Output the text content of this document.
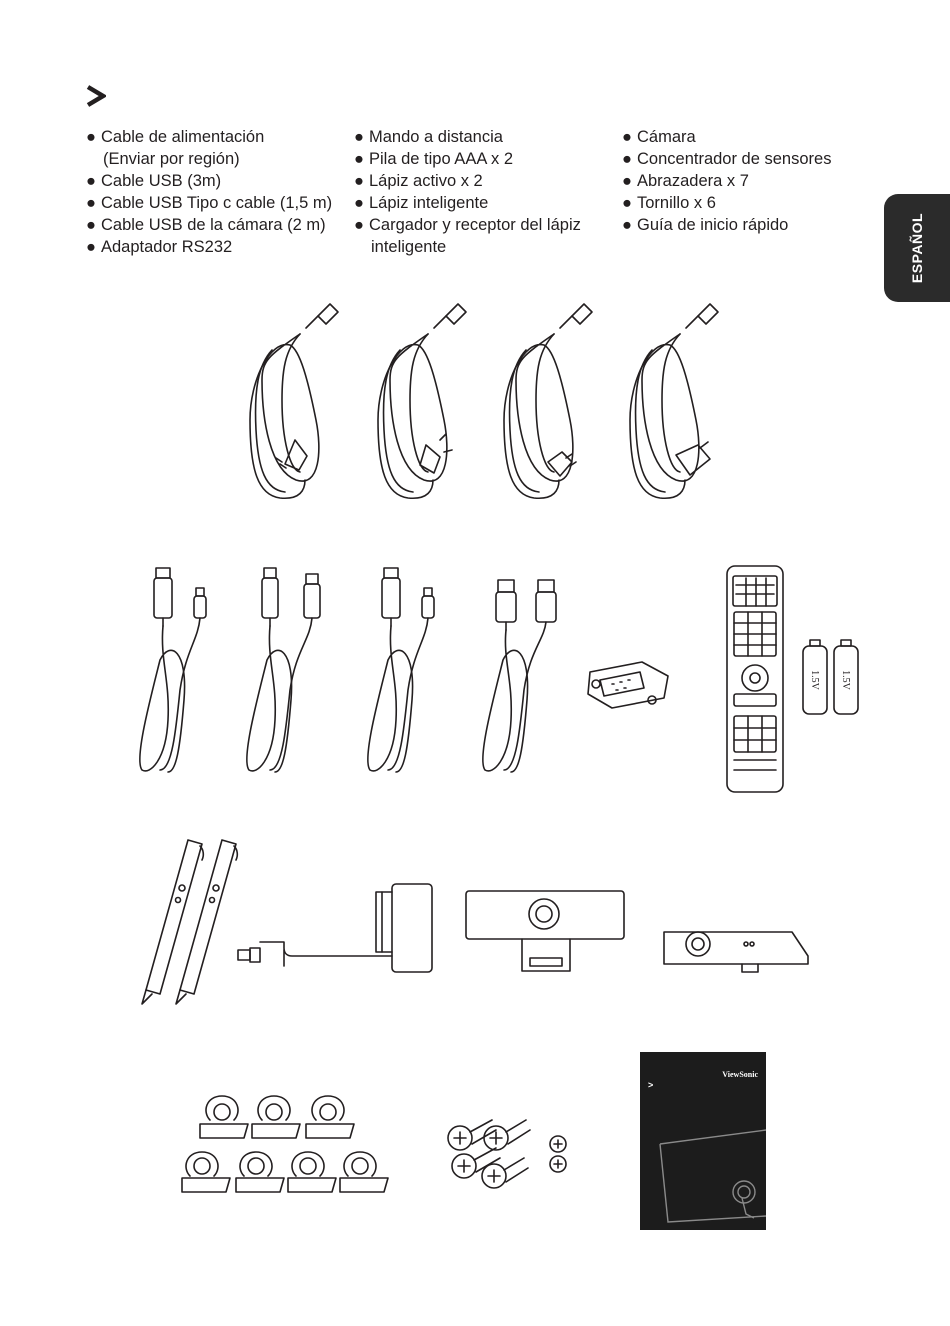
● Cable de alimentación
(Enviar por región)
● Cable USB (3m)
● Cable USB Tipo c cable (1,5 m)
● Cable USB de la cámara (2 m)
● Adaptador RS232
● Mando a distancia
● Pila de tipo AAA x 2
● Lápiz activo x 2
● Lápiz inteligente
● Cargador y receptor del lápiz
inteligente
● Cámara
● Concentrador de sensores
● Abrazadera x 7
● Tornillo x 6
● Guía de inicio rápido	ESPAÑOL
1.5V 1.5V
ViewSonic
>
